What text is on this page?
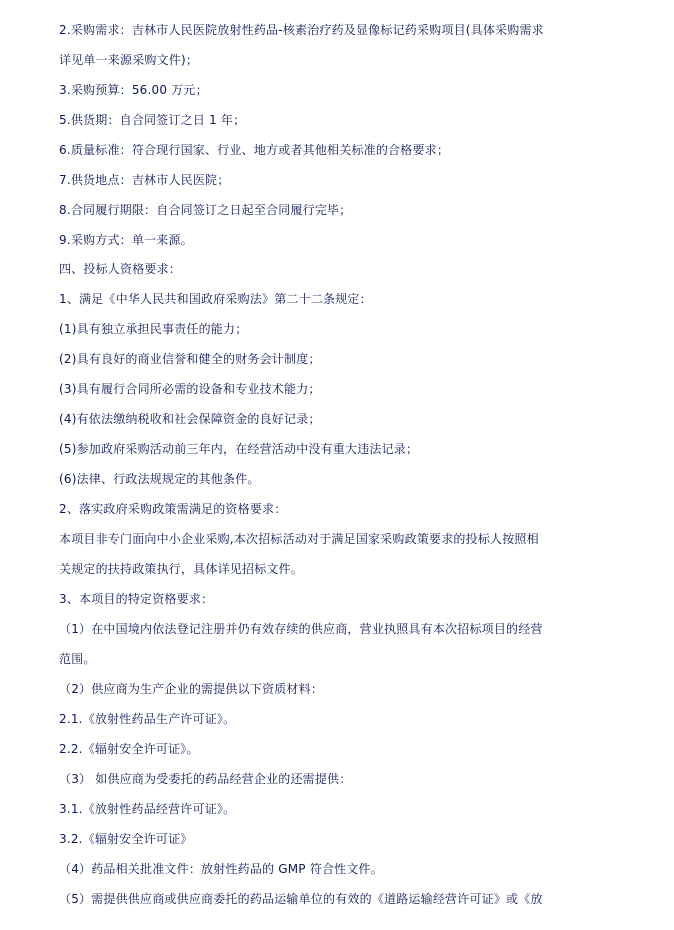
2.采购需求：吉林市人民医院放射性药品-核素治疗药及显像标记药采购项目(具体采购需求
详见单一来源采购文件)；
3.采购预算：56.00 万元；
5.供货期：自合同签订之日 1 年；
6.质量标准：符合现行国家、行业、地方或者其他相关标准的合格要求；
7.供货地点：吉林市人民医院；
8.合同履行期限：自合同签订之日起至合同履行完毕；
9.采购方式：单一来源。
四、投标人资格要求：
1、满足《中华人民共和国政府采购法》第二十二条规定：
(1)具有独立承担民事责任的能力；
(2)具有良好的商业信誉和健全的财务会计制度；
(3)具有履行合同所必需的设备和专业技术能力；
(4)有依法缴纳税收和社会保障资金的良好记录；
(5)参加政府采购活动前三年内，在经营活动中没有重大违法记录；
(6)法律、行政法规规定的其他条件。
2、落实政府采购政策需满足的资格要求：
本项目非专门面向中小企业采购,本次招标活动对于满足国家采购政策要求的投标人按照相
关规定的扶持政策执行，具体详见招标文件。
3、本项目的特定资格要求：
（1）在中国境内依法登记注册并仍有效存续的供应商，营业执照具有本次招标项目的经营
范围。
（2）供应商为生产企业的需提供以下资质材料：
2.1.《放射性药品生产许可证》。
2.2.《辐射安全许可证》。
（3） 如供应商为受委托的药品经营企业的还需提供：
3.1.《放射性药品经营许可证》。
3.2.《辐射安全许可证》
（4）药品相关批准文件：放射性药品的 GMP 符合性文件。
（5）需提供供应商或供应商委托的药品运输单位的有效的《道路运输经营许可证》或《放
